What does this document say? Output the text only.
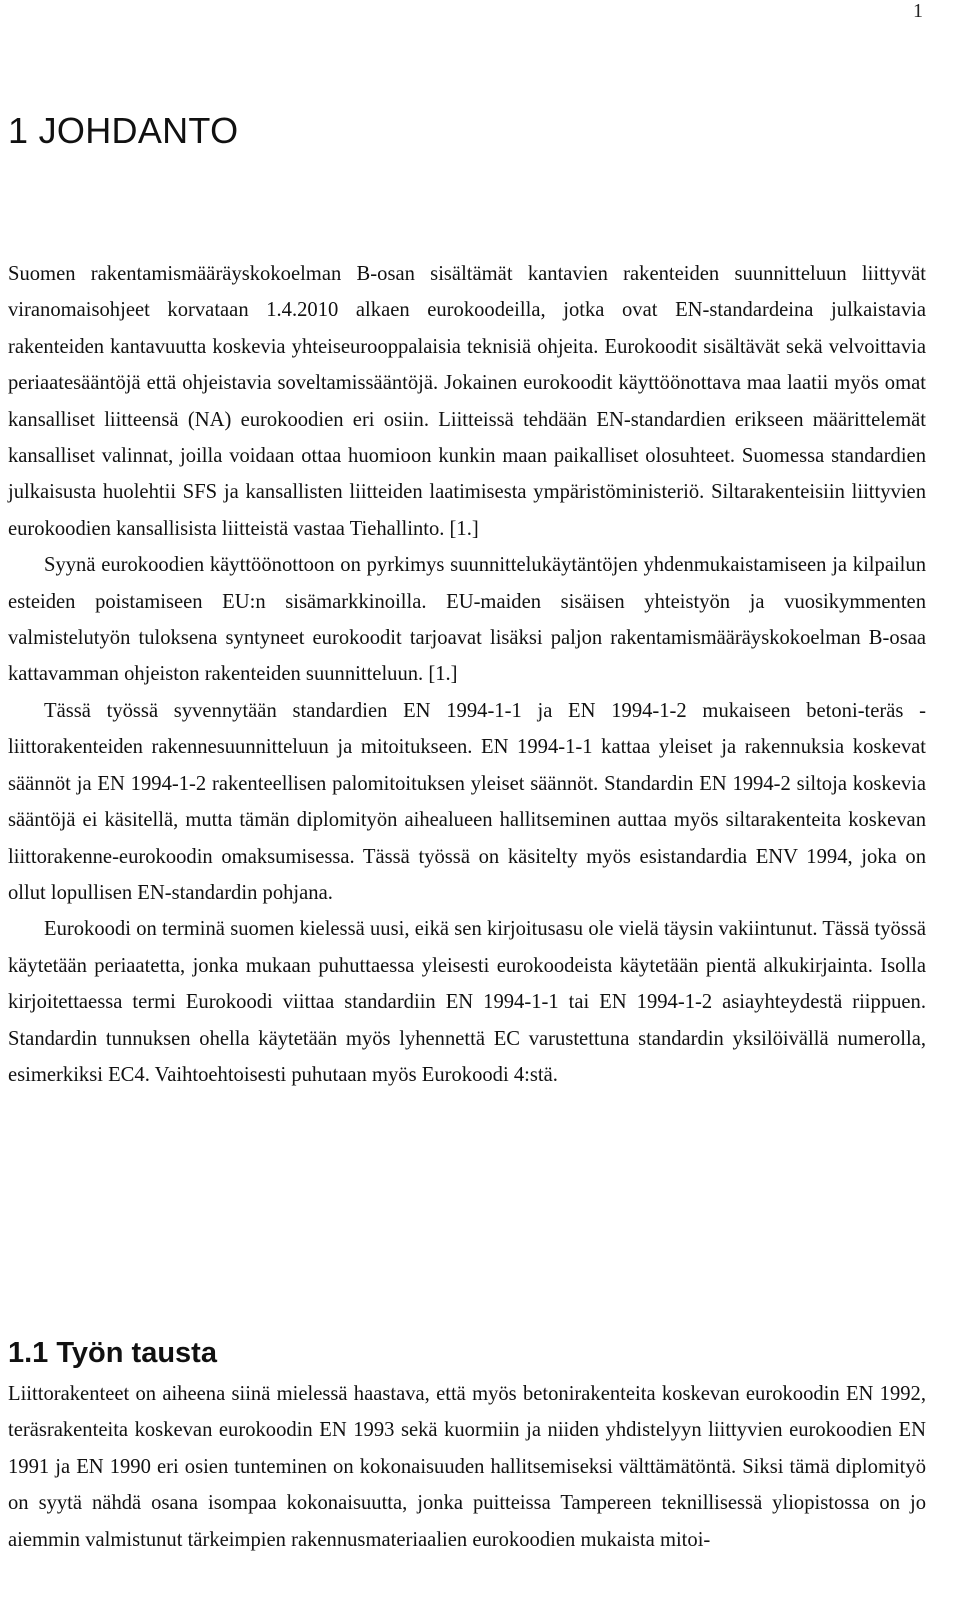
1
1 JOHDANTO

Suomen rakentamismääräyskokoelman B-osan sisältämät kantavien rakenteiden suunnitteluun liittyvät viranomaisohjeet korvataan 1.4.2010 alkaen eurokoodeilla, jotka ovat EN-standardeina julkaistavia rakenteiden kantavuutta koskevia yhteiseurooppalaisia teknisiä ohjeita. Eurokoodit sisältävät sekä velvoittavia periaatesääntöjä että ohjeistavia soveltamissääntöjä. Jokainen eurokoodit käyttöönottava maa laatii myös omat kansalliset liitteensä (NA) eurokoodien eri osiin. Liitteissä tehdään EN-standardien erikseen määrittelemät kansalliset valinnat, joilla voidaan ottaa huomioon kunkin maan paikalliset olosuhteet. Suomessa standardien julkaisusta huolehtii SFS ja kansallisten liitteiden laatimisesta ympäristöministeriö. Siltarakenteisiin liittyvien eurokoodien kansallisista liitteistä vastaa Tiehallinto. [1.]

Syynä eurokoodien käyttöönottoon on pyrkimys suunnittelukäytäntöjen yhdenmukaistamiseen ja kilpailun esteiden poistamiseen EU:n sisämarkkinoilla. EU-maiden sisäisen yhteistyön ja vuosikymmenten valmistelutyön tuloksena syntyneet eurokoodit tarjoavat lisäksi paljon rakentamismääräyskokoelman B-osaa kattavamman ohjeiston rakenteiden suunnitteluun. [1.]

Tässä työssä syvennytään standardien EN 1994-1-1 ja EN 1994-1-2 mukaiseen betoni-teräs -liittorakenteiden rakennesuunnitteluun ja mitoitukseen. EN 1994-1-1 kattaa yleiset ja rakennuksia koskevat säännöt ja EN 1994-1-2 rakenteellisen palomitoituksen yleiset säännöt. Standardin EN 1994-2 siltoja koskevia sääntöjä ei käsitellä, mutta tämän diplomityön aihealueen hallitseminen auttaa myös siltarakenteita koskevan liittorakenne-eurokoodin omaksumisessa. Tässä työssä on käsitelty myös esistandardia ENV 1994, joka on ollut lopullisen EN-standardin pohjana.

Eurokoodi on terminä suomen kielessä uusi, eikä sen kirjoitusasu ole vielä täysin vakiintunut. Tässä työssä käytetään periaatetta, jonka mukaan puhuttaessa yleisesti eurokoodeista käytetään pientä alkukirjainta. Isolla kirjoitettaessa termi Eurokoodi viittaa standardiin EN 1994-1-1 tai EN 1994-1-2 asiayhteydestä riippuen. Standardin tunnuksen ohella käytetään myös lyhennettä EC varustettuna standardin yksilöivällä numerolla, esimerkiksi EC4. Vaihtoehtoisesti puhutaan myös Eurokoodi 4:stä.

1.1 Työn tausta

Liittorakenteet on aiheena siinä mielessä haastava, että myös betonirakenteita koskevan eurokoodin EN 1992, teräsrakenteita koskevan eurokoodin EN 1993 sekä kuormiin ja niiden yhdistelyyn liittyvien eurokoodien EN 1991 ja EN 1990 eri osien tunteminen on kokonaisuuden hallitsemiseksi välttämätöntä. Siksi tämä diplomityö on syytä nähdä osana isompaa kokonaisuutta, jonka puitteissa Tampereen teknillisessä yliopistossa on jo aiemmin valmistunut tärkeimpien rakennusmateriaalien eurokoodien mukaista mitoi-
